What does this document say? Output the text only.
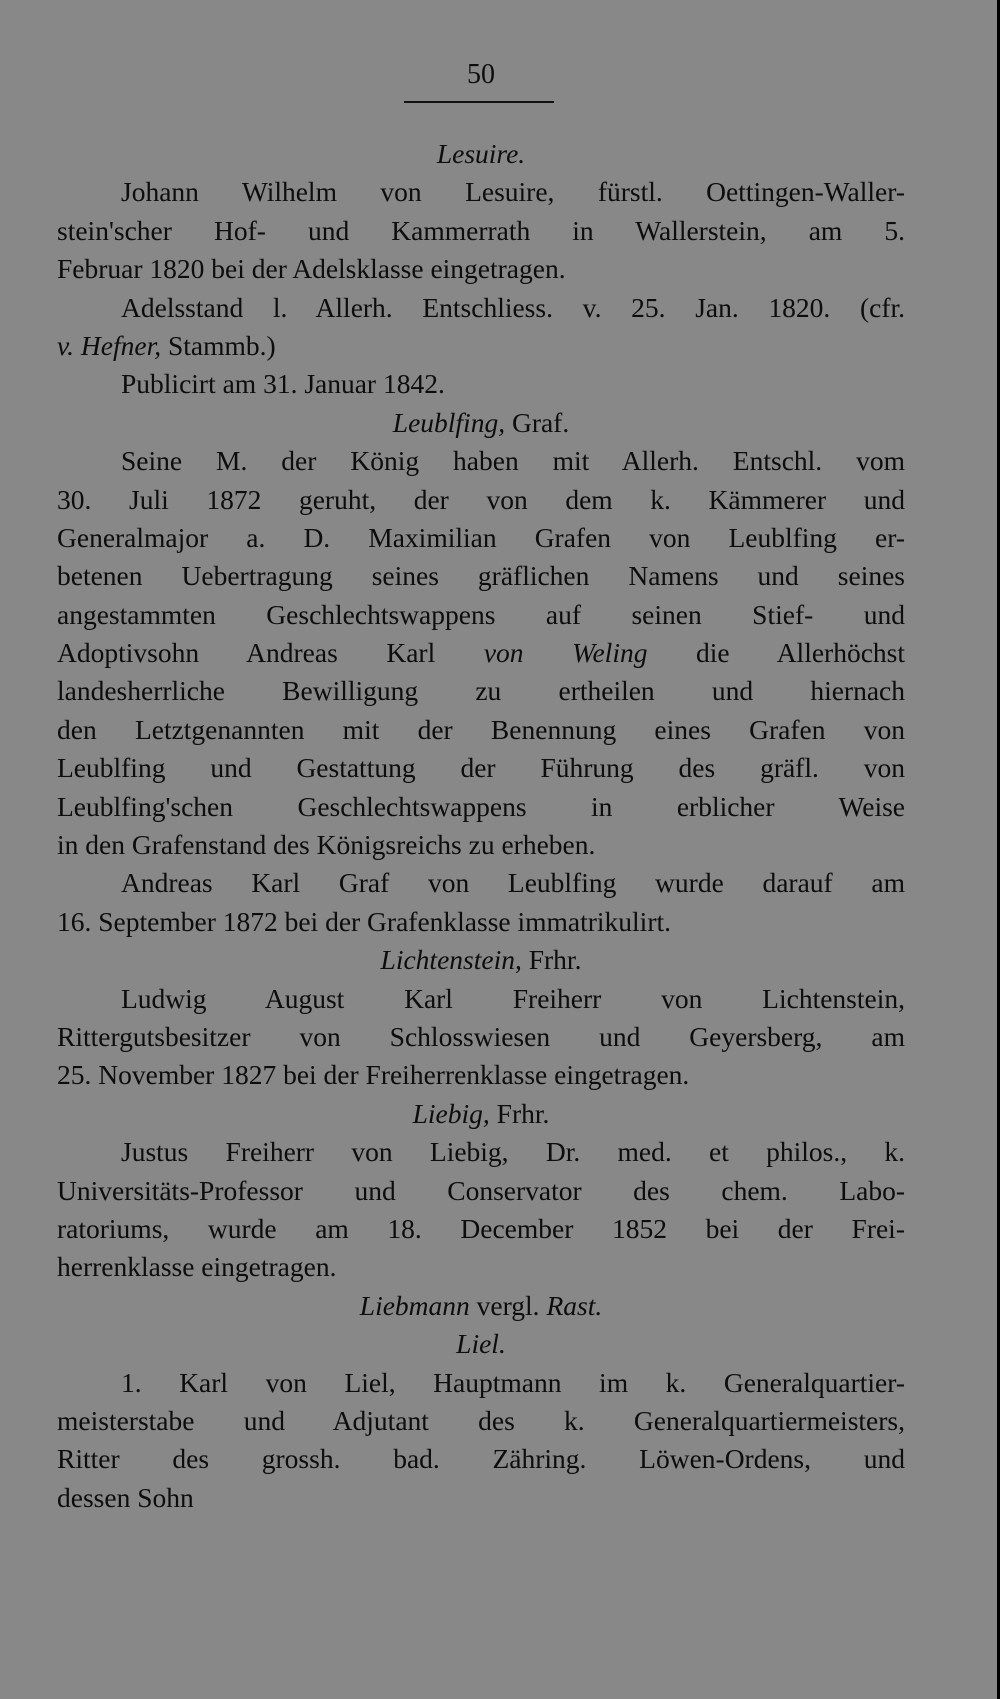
50

Lesuire.

Johann Wilhelm von Lesuire, fürstl. Oettingen-Waller-

stein'scher Hof- und Kammerrath in Wallerstein, am 5.

Februar 1820 bei der Adelsklasse eingetragen.

Adelsstand l. Allerh. Entschliess. v. 25. Jan. 1820. (cfr.

v. Hefner, Stammb.)

Publicirt am 31. Januar 1842.

Leublfing, Graf.

Seine M. der König haben mit Allerh. Entschl. vom

30. Juli 1872 geruht, der von dem k. Kämmerer und

Generalmajor a. D. Maximilian Grafen von Leublfing er-

betenen Uebertragung seines gräflichen Namens und seines

angestammten Geschlechtswappens auf seinen Stief- und

Adoptivsohn Andreas Karl von Weling die Allerhöchst

landesherrliche Bewilligung zu ertheilen und hiernach

den Letztgenannten mit der Benennung eines Grafen von

Leublfing und Gestattung der Führung des gräfl. von

Leublfing'schen Geschlechtswappens in erblicher Weise

in den Grafenstand des Königsreichs zu erheben.

Andreas Karl Graf von Leublfing wurde darauf am

16. September 1872 bei der Grafenklasse immatrikulirt.

Lichtenstein, Frhr.

Ludwig August Karl Freiherr von Lichtenstein,

Rittergutsbesitzer von Schlosswiesen und Geyersberg, am

25. November 1827 bei der Freiherrenklasse eingetragen.

Liebig, Frhr.

Justus Freiherr von Liebig, Dr. med. et philos., k.

Universitäts-Professor und Conservator des chem. Labo-

ratoriums, wurde am 18. December 1852 bei der Frei-

herrenklasse eingetragen.

Liebmann vergl. Rast.

Liel.

1. Karl von Liel, Hauptmann im k. Generalquartier-

meisterstabe und Adjutant des k. Generalquartiermeisters,

Ritter des grossh. bad. Zähring. Löwen-Ordens, und

dessen Sohn
